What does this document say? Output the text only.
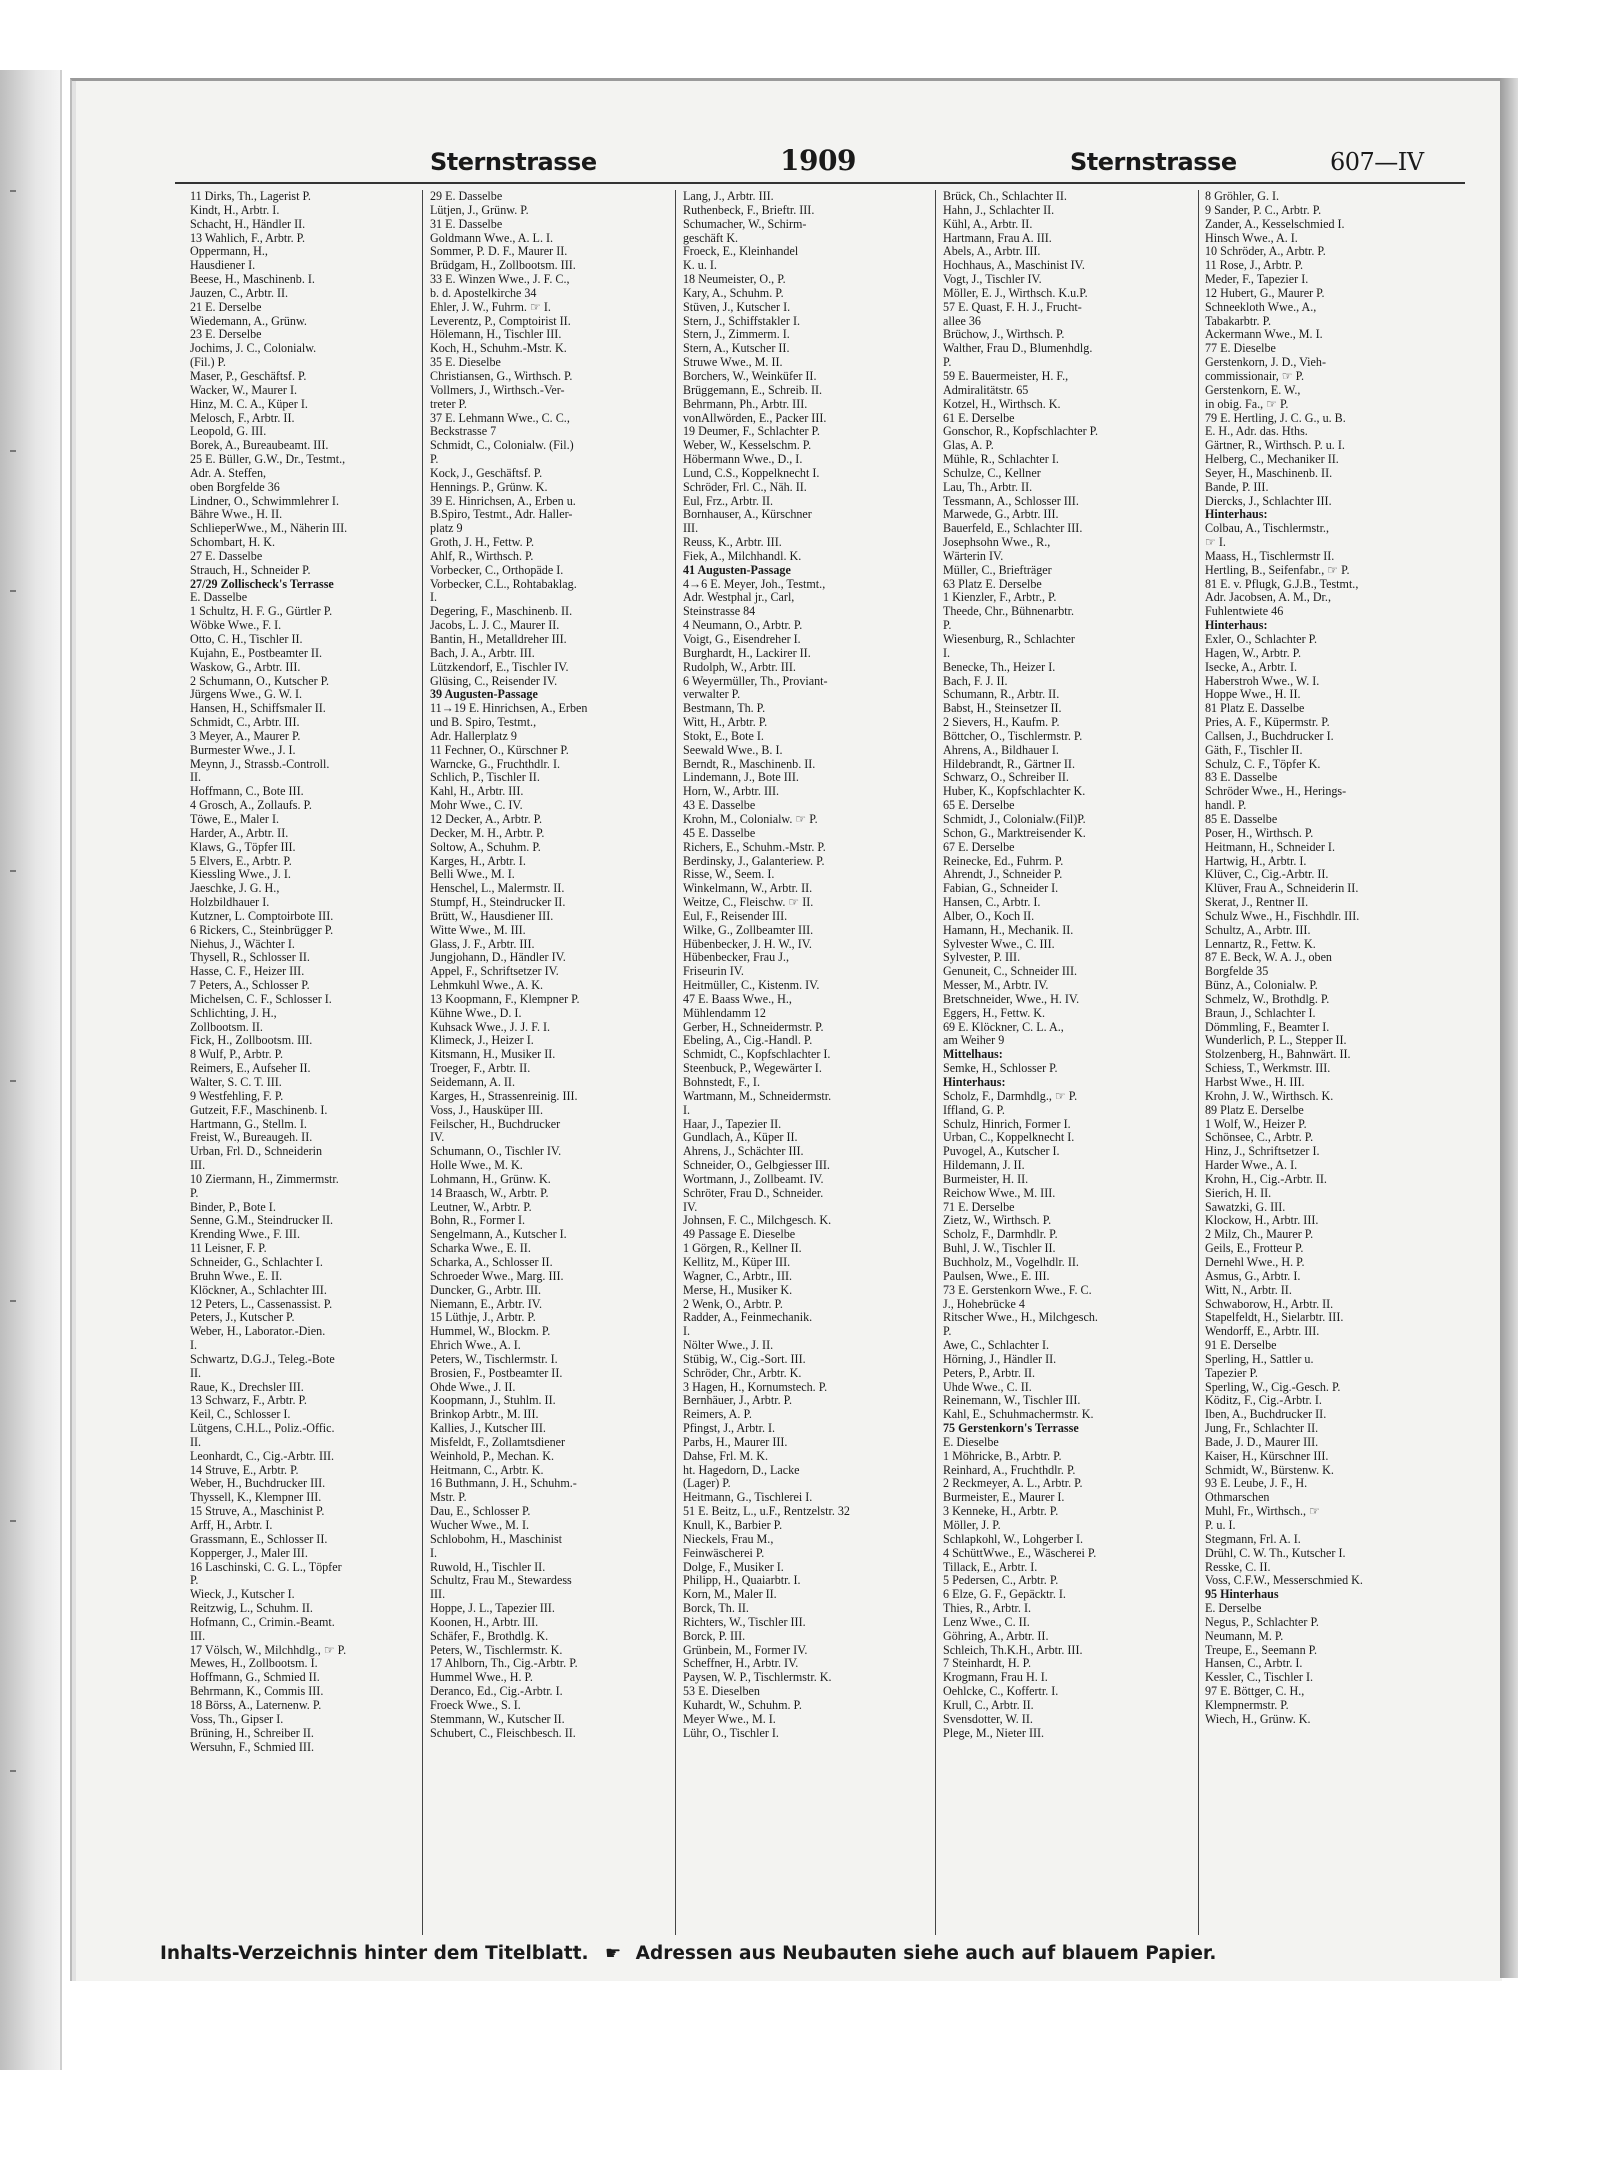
Sternstrasse	1909	Sternstrasse	607—IV
11 Dirks, Th., Lagerist P.
Kindt, H., Arbtr. I.
Schacht, H., Händler II.
13 Wahlich, F., Arbtr. P.
Oppermann, H.,
Hausdiener I.
Beese, H., Maschinenb. I.
Jauzen, C., Arbtr. II.
21 E. Derselbe
Wiedemann, A., Grünw.
23 E. Derselbe
Jochims, J. C., Colonialw.
(Fil.) P.
Maser, P., Geschäftsf. P.
Wacker, W., Maurer I.
Hinz, M. C. A., Küper I.
Melosch, F., Arbtr. II.
Leopold, G. III.
Borek, A., Bureaubeamt. III.
25 E. Büller, G.W., Dr., Testmt.,
Adr. A. Steffen,
oben Borgfelde 36
Lindner, O., Schwimmlehrer I.
Bähre Wwe., H. II.
SchlieperWwe., M., Näherin III.
Schombart, H. K.
27 E. Dasselbe
Strauch, H., Schneider P.
27/29 Zollischeck's Terrasse
E. Dasselbe
1 Schultz, H. F. G., Gürtler P.
Wöbke Wwe., F. I.
Otto, C. H., Tischler II.
Kujahn, E., Postbeamter II.
Waskow, G., Arbtr. III.
2 Schumann, O., Kutscher P.
Jürgens Wwe., G. W. I.
Hansen, H., Schiffsmaler II.
Schmidt, C., Arbtr. III.
3 Meyer, A., Maurer P.
Burmester Wwe., J. I.
Meynn, J., Strassb.-Controll.
II.
Hoffmann, C., Bote III.
4 Grosch, A., Zollaufs. P.
Töwe, E., Maler I.
Harder, A., Arbtr. II.
Klaws, G., Töpfer III.
5 Elvers, E., Arbtr. P.
Kiessling Wwe., J. I.
Jaeschke, J. G. H.,
Holzbildhauer I.
Kutzner, L. Comptoirbote III.
6 Rickers, C., Steinbrügger P.
Niehus, J., Wächter I.
Thysell, R., Schlosser II.
Hasse, C. F., Heizer III.
7 Peters, A., Schlosser P.
Michelsen, C. F., Schlosser I.
Schlichting, J. H.,
Zollbootsm. II.
Fick, H., Zollbootsm. III.
8 Wulf, P., Arbtr. P.
Reimers, E., Aufseher II.
Walter, S. C. T. III.
9 Westfehling, F. P.
Gutzeit, F.F., Maschinenb. I.
Hartmann, G., Stellm. I.
Freist, W., Bureaugeh. II.
Urban, Frl. D., Schneiderin
III.
10 Ziermann, H., Zimmermstr.
P.
Binder, P., Bote I.
Senne, G.M., Steindrucker II.
Krending Wwe., F. III.
11 Leisner, F. P.
Schneider, G., Schlachter I.
Bruhn Wwe., E. II.
Klöckner, A., Schlachter III.
12 Peters, L., Cassenassist. P.
Peters, J., Kutscher P.
Weber, H., Laborator.-Dien.
I.
Schwartz, D.G.J., Teleg.-Bote
II.
Raue, K., Drechsler III.
13 Schwarz, F., Arbtr. P.
Keil, C., Schlosser I.
Lütgens, C.H.L., Poliz.-Offic.
II.
Leonhardt, C., Cig.-Arbtr. III.
14 Struve, E., Arbtr. P.
Weber, H., Buchdrucker III.
Thyssell, K., Klempner III.
15 Struve, A., Maschinist P.
Arff, H., Arbtr. I.
Grassmann, E., Schlosser II.
Kopperger, J., Maler III.
16 Laschinski, C. G. L., Töpfer
P.
Wieck, J., Kutscher I.
Reitzwig, L., Schuhm. II.
Hofmann, C., Crimin.-Beamt.
III.
17 Völsch, W., Milchhdlg., ☞ P.
Mewes, H., Zollbootsm. I.
Hoffmann, G., Schmied II.
Behrmann, K., Commis III.
18 Börss, A., Laternenw. P.
Voss, Th., Gipser I.
Brüning, H., Schreiber II.
Wersuhn, F., Schmied III.
29 E. Dasselbe
Lütjen, J., Grünw. P.
31 E. Dasselbe
Goldmann Wwe., A. L. I.
Sommer, P. D. F., Maurer II.
Brüdgam, H., Zollbootsm. III.
33 E. Winzen Wwe., J. F. C.,
b. d. Apostelkirche 34
Ehler, J. W., Fuhrm. ☞ I.
Leverentz, P., Comptoirist II.
Hölemann, H., Tischler III.
Koch, H., Schuhm.-Mstr. K.
35 E. Dieselbe
Christiansen, G., Wirthsch. P.
Vollmers, J., Wirthsch.-Ver-
treter P.
37 E. Lehmann Wwe., C. C.,
Beckstrasse 7
Schmidt, C., Colonialw. (Fil.)
P.
Kock, J., Geschäftsf. P.
Hennings. P., Grünw. K.
39 E. Hinrichsen, A., Erben u.
B.Spiro, Testmt., Adr. Haller-
platz 9
Groth, J. H., Fettw. P.
Ahlf, R., Wirthsch. P.
Vorbecker, C., Orthopäde I.
Vorbecker, C.L., Rohtabaklag.
I.
Degering, F., Maschinenb. II.
Jacobs, L. J. C., Maurer II.
Bantin, H., Metalldreher III.
Bach, J. A., Arbtr. III.
Lützkendorf, E., Tischler IV.
Glüsing, C., Reisender IV.
39 Augusten-Passage
11→19 E. Hinrichsen, A., Erben
und B. Spiro, Testmt.,
Adr. Hallerplatz 9
11 Fechner, O., Kürschner P.
Warncke, G., Fruchthdlr. I.
Schlich, P., Tischler II.
Kahl, H., Arbtr. III.
Mohr Wwe., C. IV.
12 Decker, A., Arbtr. P.
Decker, M. H., Arbtr. P.
Soltow, A., Schuhm. P.
Karges, H., Arbtr. I.
Belli Wwe., M. I.
Henschel, L., Malermstr. II.
Stumpf, H., Steindrucker II.
Brütt, W., Hausdiener III.
Witte Wwe., M. III.
Glass, J. F., Arbtr. III.
Jungjohann, D., Händler IV.
Appel, F., Schriftsetzer IV.
Lehmkuhl Wwe., A. K.
13 Koopmann, F., Klempner P.
Kühne Wwe., D. I.
Kuhsack Wwe., J. J. F. I.
Klimeck, J., Heizer I.
Kitsmann, H., Musiker II.
Troeger, F., Arbtr. II.
Seidemann, A. II.
Karges, H., Strassenreinig. III.
Voss, J., Hausküper III.
Feilscher, H., Buchdrucker
IV.
Schumann, O., Tischler IV.
Holle Wwe., M. K.
Lohmann, H., Grünw. K.
14 Braasch, W., Arbtr. P.
Leutner, W., Arbtr. P.
Bohn, R., Former I.
Sengelmann, A., Kutscher I.
Scharka Wwe., E. II.
Scharka, A., Schlosser II.
Schroeder Wwe., Marg. III.
Duncker, G., Arbtr. III.
Niemann, E., Arbtr. IV.
15 Lüthje, J., Arbtr. P.
Hummel, W., Blockm. P.
Ehrich Wwe., A. I.
Peters, W., Tischlermstr. I.
Brosien, F., Postbeamter II.
Ohde Wwe., J. II.
Koopmann, J., Stuhlm. II.
Brinkop Arbtr., M. III.
Kallies, J., Kutscher III.
Misfeldt, F., Zollamtsdiener
Weinhold, P., Mechan. K.
Heitmann, C., Arbtr. K.
16 Buthmann, J. H., Schuhm.-
Mstr. P.
Dau, E., Schlosser P.
Wucher Wwe., M. I.
Schlobohm, H., Maschinist
I.
Ruwold, H., Tischler II.
Schultz, Frau M., Stewardess
III.
Hoppe, J. L., Tapezier III.
Koonen, H., Arbtr. III.
Schäfer, F., Brothdlg. K.
Peters, W., Tischlermstr. K.
17 Ahlborn, Th., Cig.-Arbtr. P.
Hummel Wwe., H. P.
Deranco, Ed., Cig.-Arbtr. I.
Froeck Wwe., S. I.
Stemmann, W., Kutscher II.
Schubert, C., Fleischbesch. II.
Lang, J., Arbtr. III.
Ruthenbeck, F., Brieftr. III.
Schumacher, W., Schirm-
geschäft K.
Froeck, E., Kleinhandel
K. u. I.
18 Neumeister, O., P.
Kary, A., Schuhm. P.
Stüven, J., Kutscher I.
Stern, J., Schiffstakler I.
Stern, J., Zimmerm. I.
Stern, A., Kutscher II.
Struwe Wwe., M. II.
Borchers, W., Weinküfer II.
Brüggemann, E., Schreib. II.
Behrmann, Ph., Arbtr. III.
vonAllwörden, E., Packer III.
19 Deumer, F., Schlachter P.
Weber, W., Kesselschm. P.
Höbermann Wwe., D., I.
Lund, C.S., Koppelknecht I.
Schröder, Frl. C., Näh. II.
Eul, Frz., Arbtr. II.
Bornhauser, A., Kürschner
III.
Reuss, K., Arbtr. III.
Fiek, A., Milchhandl. K.
41 Augusten-Passage
4→6 E. Meyer, Joh., Testmt.,
Adr. Westphal jr., Carl,
Steinstrasse 84
4 Neumann, O., Arbtr. P.
Voigt, G., Eisendreher I.
Burghardt, H., Lackirer II.
Rudolph, W., Arbtr. III.
6 Weyermüller, Th., Proviant-
verwalter P.
Bestmann, Th. P.
Witt, H., Arbtr. P.
Stokt, E., Bote I.
Seewald Wwe., B. I.
Berndt, R., Maschinenb. II.
Lindemann, J., Bote III.
Horn, W., Arbtr. III.
43 E. Dasselbe
Krohn, M., Colonialw. ☞ P.
45 E. Dasselbe
Richers, E., Schuhm.-Mstr. P.
Berdinsky, J., Galanteriew. P.
Risse, W., Seem. I.
Winkelmann, W., Arbtr. II.
Weitze, C., Fleischw. ☞ II.
Eul, F., Reisender III.
Wilke, G., Zollbeamter III.
Hübenbecker, J. H. W., IV.
Hübenbecker, Frau J.,
Friseurin IV.
Heitmüller, C., Kistenm. IV.
47 E. Baass Wwe., H.,
Mühlendamm 12
Gerber, H., Schneidermstr. P.
Ebeling, A., Cig.-Handl. P.
Schmidt, C., Kopfschlachter I.
Steenbuck, P., Wegewärter I.
Bohnstedt, F., I.
Wartmann, M., Schneidermstr.
I.
Haar, J., Tapezier II.
Gundlach, A., Küper II.
Ahrens, J., Schächter III.
Schneider, O., Gelbgiesser III.
Wortmann, J., Zollbeamt. IV.
Schröter, Frau D., Schneider.
IV.
Johnsen, F. C., Milchgesch. K.
49 Passage E. Dieselbe
1 Görgen, R., Kellner II.
Kellitz, M., Küper III.
Wagner, C., Arbtr., III.
Merse, H., Musiker K.
2 Wenk, O., Arbtr. P.
Radder, A., Feinmechanik.
I.
Nölter Wwe., J. II.
Stübig, W., Cig.-Sort. III.
Schröder, Chr., Arbtr. K.
3 Hagen, H., Kornumstech. P.
Bernhäuer, J., Arbtr. P.
Reimers, A. P.
Pfingst, J., Arbtr. I.
Parbs, H., Maurer III.
Dahse, Frl. M. K.
ht. Hagedorn, D., Lacke
(Lager) P.
Heitmann, G., Tischlerei I.
51 E. Beitz, L., u.F., Rentzelstr. 32
Knull, K., Barbier P.
Nieckels, Frau M.,
Feinwäscherei P.
Dolge, F., Musiker I.
Philipp, H., Quaiarbtr. I.
Korn, M., Maler II.
Borck, Th. II.
Richters, W., Tischler III.
Borck, P. III.
Grünbein, M., Former IV.
Scheffner, H., Arbtr. IV.
Paysen, W. P., Tischlermstr. K.
53 E. Dieselben
Kuhardt, W., Schuhm. P.
Meyer Wwe., M. I.
Lühr, O., Tischler I.
Brück, Ch., Schlachter II.
Hahn, J., Schlachter II.
Kühl, A., Arbtr. II.
Hartmann, Frau A. III.
Abels, A., Arbtr. III.
Hochhaus, A., Maschinist IV.
Vogt, J., Tischler IV.
Möller, E. J., Wirthsch. K.u.P.
57 E. Quast, F. H. J., Frucht-
allee 36
Brüchow, J., Wirthsch. P.
Walther, Frau D., Blumenhdlg.
P.
59 E. Bauermeister, H. F.,
Admiralitätstr. 65
Kotzel, H., Wirthsch. K.
61 E. Derselbe
Gonschor, R., Kopfschlachter P.
Glas, A. P.
Mühle, R., Schlachter I.
Schulze, C., Kellner
Lau, Th., Arbtr. II.
Tessmann, A., Schlosser III.
Marwede, G., Arbtr. III.
Bauerfeld, E., Schlachter III.
Josephsohn Wwe., R.,
Wärterin IV.
Müller, C., Briefträger
63 Platz E. Derselbe
1 Kienzler, F., Arbtr., P.
Theede, Chr., Bühnenarbtr.
P.
Wiesenburg, R., Schlachter
I.
Benecke, Th., Heizer I.
Bach, F. J. II.
Schumann, R., Arbtr. II.
Babst, H., Steinsetzer II.
2 Sievers, H., Kaufm. P.
Böttcher, O., Tischlermstr. P.
Ahrens, A., Bildhauer I.
Hildebrandt, R., Gärtner II.
Schwarz, O., Schreiber II.
Huber, K., Kopfschlachter K.
65 E. Derselbe
Schmidt, J., Colonialw.(Fil)P.
Schon, G., Marktreisender K.
67 E. Derselbe
Reinecke, Ed., Fuhrm. P.
Ahrendt, J., Schneider P.
Fabian, G., Schneider I.
Hansen, C., Arbtr. I.
Alber, O., Koch II.
Hamann, H., Mechanik. II.
Sylvester Wwe., C. III.
Sylvester, P. III.
Genuneit, C., Schneider III.
Messer, M., Arbtr. IV.
Bretschneider, Wwe., H. IV.
Eggers, H., Fettw. K.
69 E. Klöckner, C. L. A.,
am Weiher 9
Mittelhaus:
Semke, H., Schlosser P.
Hinterhaus:
Scholz, F., Darmhdlg., ☞ P.
Iffland, G. P.
Schulz, Hinrich, Former I.
Urban, C., Koppelknecht I.
Puvogel, A., Kutscher I.
Hildemann, J. II.
Burmeister, H. II.
Reichow Wwe., M. III.
71 E. Derselbe
Zietz, W., Wirthsch. P.
Scholz, F., Darmhdlr. P.
Buhl, J. W., Tischler II.
Buchholz, M., Vogelhdlr. II.
Paulsen, Wwe., E. III.
73 E. Gerstenkorn Wwe., F. C.
J., Hohebrücke 4
Ritscher Wwe., H., Milchgesch.
P.
Awe, C., Schlachter I.
Hörning, J., Händler II.
Peters, P., Arbtr. II.
Uhde Wwe., C. II.
Reinemann, W., Tischler III.
Kahl, E., Schuhmachermstr. K.
75 Gerstenkorn's Terrasse
E. Dieselbe
1 Möhricke, B., Arbtr. P.
Reinhard, A., Fruchthdlr. P.
2 Reckmeyer, A. L., Arbtr. P.
Burmeister, E., Maurer I.
3 Kenneke, H., Arbtr. P.
Möller, J. P.
Schlapkohl, W., Lohgerber I.
4 SchüttWwe., E., Wäscherei P.
Tillack, E., Arbtr. I.
5 Pedersen, C., Arbtr. P.
6 Elze, G. F., Gepäcktr. I.
Thies, R., Arbtr. I.
Lenz Wwe., C. II.
Göhring, A., Arbtr. II.
Schleich, Th.K.H., Arbtr. III.
7 Steinhardt, H. P.
Krogmann, Frau H. I.
Oehlcke, C., Koffertr. I.
Krull, C., Arbtr. II.
Svensdotter, W. II.
Plege, M., Nieter III.
8 Gröhler, G. I.
9 Sander, P. C., Arbtr. P.
Zander, A., Kesselschmied I.
Hinsch Wwe., A. I.
10 Schröder, A., Arbtr. P.
11 Rose, J., Arbtr. P.
Meder, F., Tapezier I.
12 Hubert, G., Maurer P.
Schneekloth Wwe., A.,
Tabakarbtr. P.
Ackermann Wwe., M. I.
77 E. Dieselbe
Gerstenkorn, J. D., Vieh-
commissionair, ☞ P.
Gerstenkorn, E. W.,
in obig. Fa., ☞ P.
79 E. Hertling, J. C. G., u. B.
E. H., Adr. das. Hths.
Gärtner, R., Wirthsch. P. u. I.
Helberg, C., Mechaniker II.
Seyer, H., Maschinenb. II.
Bande, P. III.
Diercks, J., Schlachter III.
Hinterhaus:
Colbau, A., Tischlermstr.,
☞ I.
Maass, H., Tischlermstr II.
Hertling, B., Seifenfabr., ☞ P.
81 E. v. Pflugk, G.J.B., Testmt.,
Adr. Jacobsen, A. M., Dr.,
Fuhlentwiete 46
Hinterhaus:
Exler, O., Schlachter P.
Hagen, W., Arbtr. P.
Isecke, A., Arbtr. I.
Haberstroh Wwe., W. I.
Hoppe Wwe., H. II.
81 Platz E. Dasselbe
Pries, A. F., Küpermstr. P.
Callsen, J., Buchdrucker I.
Gäth, F., Tischler II.
Schulz, C. F., Töpfer K.
83 E. Dasselbe
Schröder Wwe., H., Herings-
handl. P.
85 E. Dasselbe
Poser, H., Wirthsch. P.
Heitmann, H., Schneider I.
Hartwig, H., Arbtr. I.
Klüver, C., Cig.-Arbtr. II.
Klüver, Frau A., Schneiderin II.
Skerat, J., Rentner II.
Schulz Wwe., H., Fischhdlr. III.
Schultz, A., Arbtr. III.
Lennartz, R., Fettw. K.
87 E. Beck, W. A. J., oben
Borgfelde 35
Bünz, A., Colonialw. P.
Schmelz, W., Brothdlg. P.
Braun, J., Schlachter I.
Dömmling, F., Beamter I.
Wunderlich, P. L., Stepper II.
Stolzenberg, H., Bahnwärt. II.
Schiess, T., Werkmstr. III.
Harbst Wwe., H. III.
Krohn, J. W., Wirthsch. K.
89 Platz E. Derselbe
1 Wolf, W., Heizer P.
Schönsee, C., Arbtr. P.
Hinz, J., Schriftsetzer I.
Harder Wwe., A. I.
Krohn, H., Cig.-Arbtr. II.
Sierich, H. II.
Sawatzki, G. III.
Klockow, H., Arbtr. III.
2 Milz, Ch., Maurer P.
Geils, E., Frotteur P.
Dernehl Wwe., H. P.
Asmus, G., Arbtr. I.
Witt, N., Arbtr. II.
Schwaborow, H., Arbtr. II.
Stapelfeldt, H., Sielarbtr. III.
Wendorff, E., Arbtr. III.
91 E. Derselbe
Sperling, H., Sattler u.
Tapezier P.
Sperling, W., Cig.-Gesch. P.
Köditz, F., Cig.-Arbtr. I.
Iben, A., Buchdrucker II.
Jung, Fr., Schlachter II.
Bade, J. D., Maurer III.
Kaiser, H., Kürschner III.
Schmidt, W., Bürstenw. K.
93 E. Leube, J. F., H.
Othmarschen
Muhl, Fr., Wirthsch., ☞
P. u. I.
Stegmann, Frl. A. I.
Drühl, C. W. Th., Kutscher I.
Resske, C. II.
Voss, C.F.W., Messerschmied K.
95 Hinterhaus
E. Derselbe
Negus, P., Schlachter P.
Neumann, M. P.
Treupe, E., Seemann P.
Hansen, C., Arbtr. I.
Kessler, C., Tischler I.
97 E. Böttger, C. H.,
Klempnermstr. P.
Wiech, H., Grünw. K.
Inhalts-Verzeichnis hinter dem Titelblatt. ☛ Adressen aus Neubauten siehe auch auf blauem Papier.
